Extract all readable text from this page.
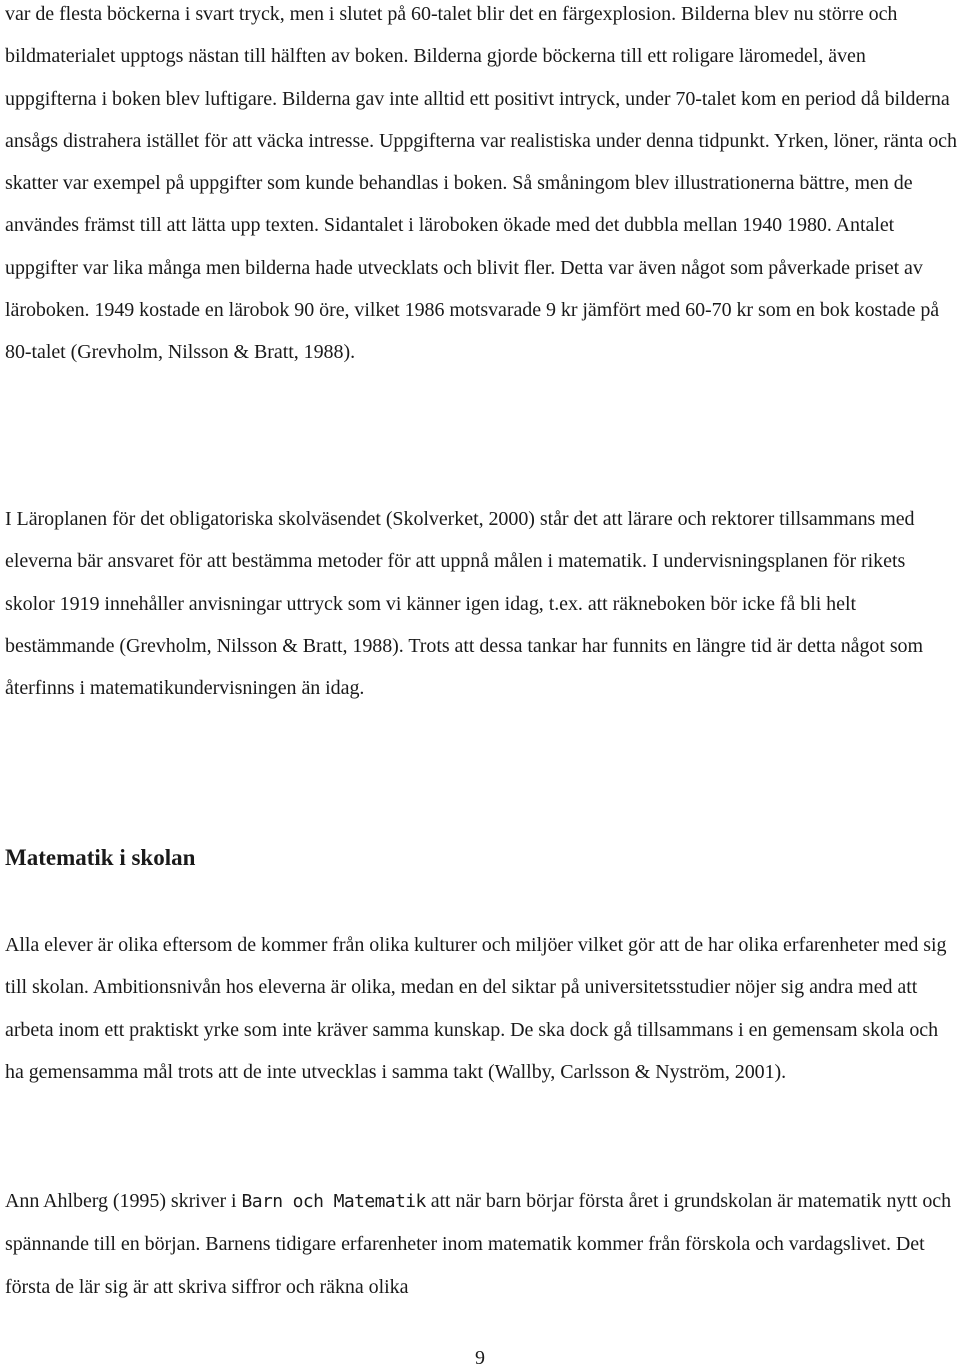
var de flesta böckerna i svart tryck, men i slutet på 60-talet blir det en färgexplosion. Bilderna blev nu större och bildmaterialet upptogs nästan till hälften av boken. Bilderna gjorde böckerna till ett roligare läromedel, även uppgifterna i boken blev luftigare. Bilderna gav inte alltid ett positivt intryck, under 70-talet kom en period då bilderna ansågs distrahera istället för att väcka intresse. Uppgifterna var realistiska under denna tidpunkt. Yrken, löner, ränta och skatter var exempel på uppgifter som kunde behandlas i boken. Så småningom blev illustrationerna bättre, men de användes främst till att lätta upp texten. Sidantalet i läroboken ökade med det dubbla mellan 1940 1980. Antalet uppgifter var lika många men bilderna hade utvecklats och blivit fler. Detta var även något som påverkade priset av läroboken. 1949 kostade en lärobok 90 öre, vilket 1986 motsvarade 9 kr jämfört med 60-70 kr som en bok kostade på 80-talet (Grevholm, Nilsson & Bratt, 1988).

I Läroplanen för det obligatoriska skolväsendet (Skolverket, 2000) står det att lärare och rektorer tillsammans med eleverna bär ansvaret för att bestämma metoder för att uppnå målen i matematik. I undervisningsplanen för rikets skolor 1919 innehåller anvisningar uttryck som vi känner igen idag, t.ex. att räkneboken bör icke få bli helt bestämmande (Grevholm, Nilsson & Bratt, 1988). Trots att dessa tankar har funnits en längre tid är detta något som återfinns i matematikundervisningen än idag.

Matematik i skolan

Alla elever är olika eftersom de kommer från olika kulturer och miljöer vilket gör att de har olika erfarenheter med sig till skolan. Ambitionsnivån hos eleverna är olika, medan en del siktar på universitetsstudier nöjer sig andra med att arbeta inom ett praktiskt yrke som inte kräver samma kunskap. De ska dock gå tillsammans i en gemensam skola och ha gemensamma mål trots att de inte utvecklas i samma takt (Wallby, Carlsson & Nyström, 2001).

Ann Ahlberg (1995) skriver i Barn och Matematik att när barn börjar första året i grundskolan är matematik nytt och spännande till en början. Barnens tidigare erfarenheter inom matematik kommer från förskola och vardagslivet. Det första de lär sig är att skriva siffror och räkna olika

9
